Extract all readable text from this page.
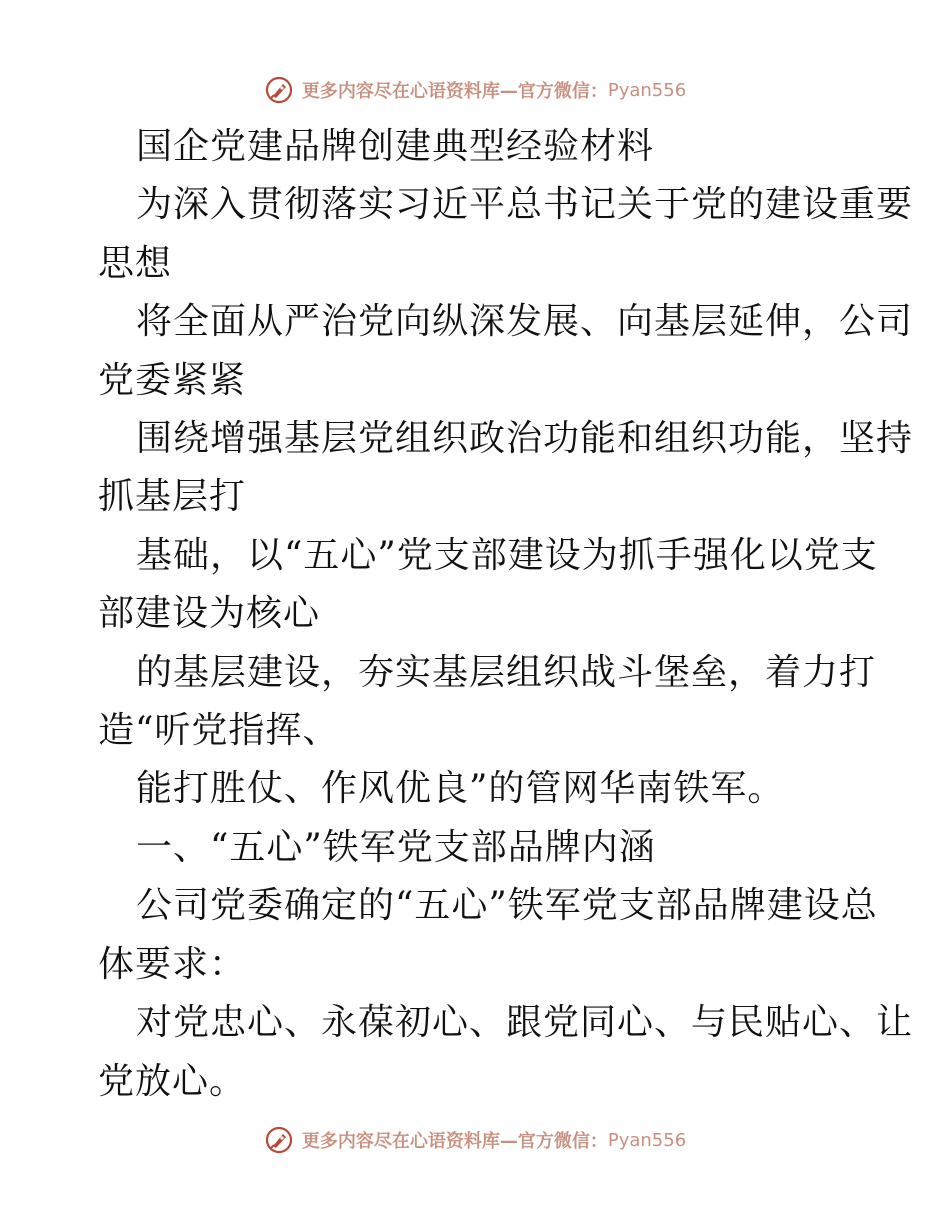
更多内容尽在心语资料库—官方微信： Pyan556

国企党建品牌创建典型经验材料

为深入贯彻落实习近平总书记关于党的建设重要
思想

将全面从严治党向纵深发展、向基层延伸，公司
党委紧紧

围绕增强基层党组织政治功能和组织功能，坚持
抓基层打

基础，以“五心”党支部建设为抓手强化以党支
部建设为核心

的基层建设，夯实基层组织战斗堡垒，着力打
造“听党指挥、

能打胜仗、作风优良”的管网华南铁军。

一、“五心”铁军党支部品牌内涵

公司党委确定的“五心”铁军党支部品牌建设总
体要求：

对党忠心、永葆初心、跟党同心、与民贴心、让
党放心。

更多内容尽在心语资料库—官方微信： Pyan556
